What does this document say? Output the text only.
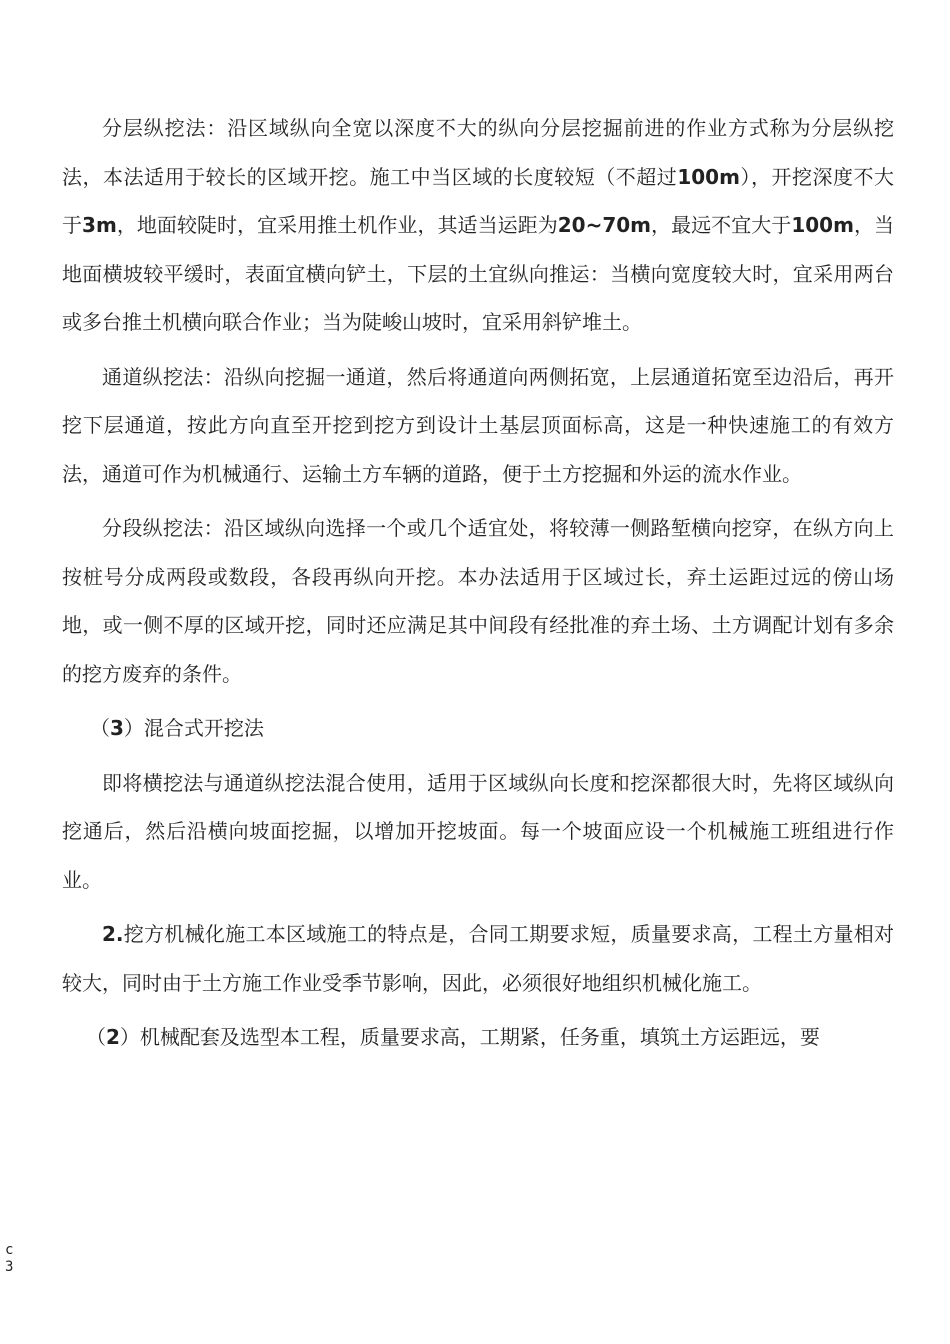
分层纵挖法：沿区域纵向全宽以深度不大的纵向分层挖掘前进的作业方式称为分层纵挖法，本法适用于较长的区域开挖。施工中当区域的长度较短（不超过100m），开挖深度不大于3m，地面较陡时，宜采用推土机作业，其适当运距为20~70m，最远不宜大于100m，当地面横坡较平缓时，表面宜横向铲土，下层的土宜纵向推运：当横向宽度较大时，宜采用两台或多台推土机横向联合作业；当为陡峻山坡时，宜采用斜铲堆土。

通道纵挖法：沿纵向挖掘一通道，然后将通道向两侧拓宽，上层通道拓宽至边沿后，再开挖下层通道，按此方向直至开挖到挖方到设计土基层顶面标高，这是一种快速施工的有效方法，通道可作为机械通行、运输土方车辆的道路，便于土方挖掘和外运的流水作业。

分段纵挖法：沿区域纵向选择一个或几个适宜处，将较薄一侧路堑横向挖穿，在纵方向上按桩号分成两段或数段，各段再纵向开挖。本办法适用于区域过长，弃土运距过远的傍山场地，或一侧不厚的区域开挖，同时还应满足其中间段有经批准的弃土场、土方调配计划有多余的挖方废弃的条件。

（3）混合式开挖法

即将横挖法与通道纵挖法混合使用，适用于区域纵向长度和挖深都很大时，先将区域纵向挖通后，然后沿横向坡面挖掘，以增加开挖坡面。每一个坡面应设一个机械施工班组进行作业。

2.挖方机械化施工本区域施工的特点是，合同工期要求短，质量要求高，工程土方量相对较大，同时由于土方施工作业受季节影响，因此，必须很好地组织机械化施工。

（2）机械配套及选型本工程，质量要求高，工期紧，任务重，填筑土方运距远，要

c
3
